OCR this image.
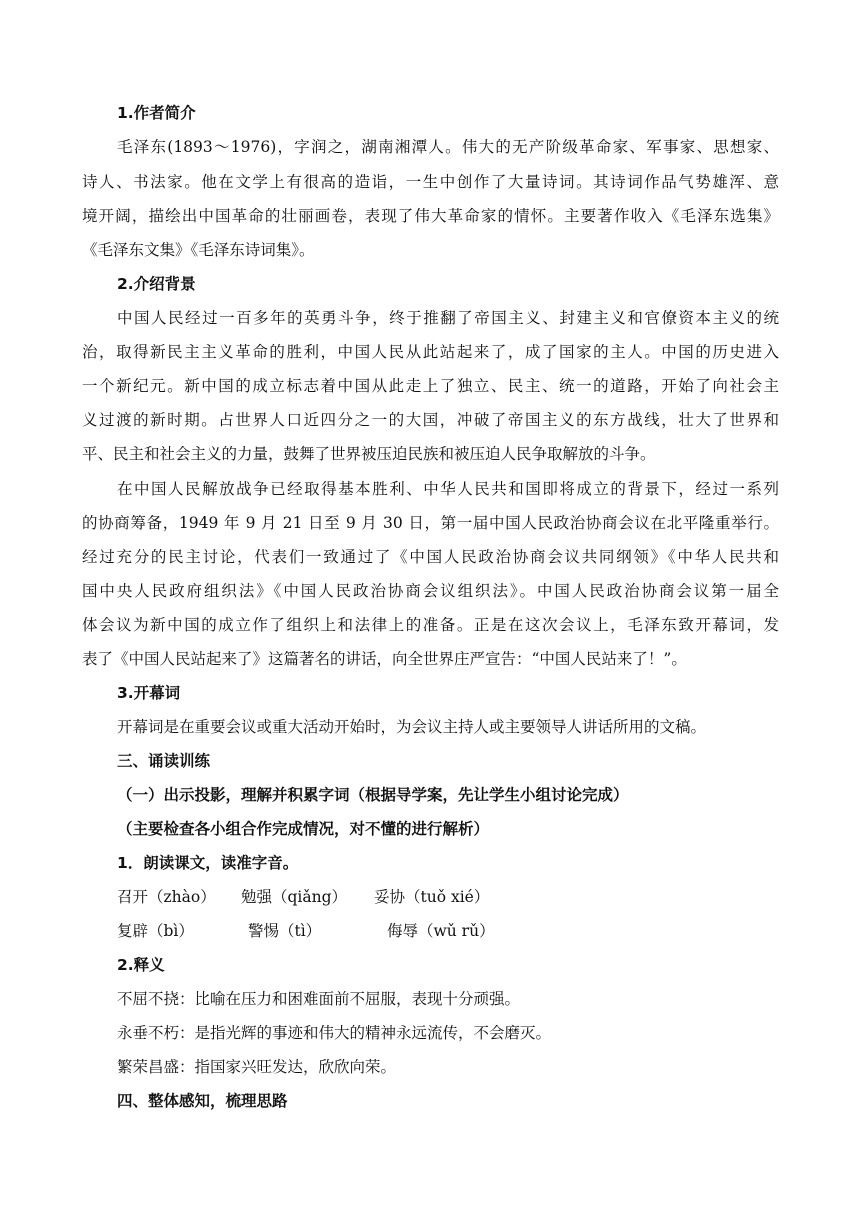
1.作者简介
毛泽东(1893～1976)，字润之，湖南湘潭人。伟大的无产阶级革命家、军事家、思想家、
诗人、书法家。他在文学上有很高的造诣，一生中创作了大量诗词。其诗词作品气势雄浑、意
境开阔，描绘出中国革命的壮丽画卷，表现了伟大革命家的情怀。主要著作收入《毛泽东选集》
《毛泽东文集》《毛泽东诗词集》。
2.介绍背景
中国人民经过一百多年的英勇斗争，终于推翻了帝国主义、封建主义和官僚资本主义的统
治，取得新民主主义革命的胜利，中国人民从此站起来了，成了国家的主人。中国的历史进入
一个新纪元。新中国的成立标志着中国从此走上了独立、民主、统一的道路，开始了向社会主
义过渡的新时期。占世界人口近四分之一的大国，冲破了帝国主义的东方战线，壮大了世界和
平、民主和社会主义的力量，鼓舞了世界被压迫民族和被压迫人民争取解放的斗争。
在中国人民解放战争已经取得基本胜利、中华人民共和国即将成立的背景下，经过一系列
的协商筹备，1949 年 9 月 21 日至 9 月 30 日，第一届中国人民政治协商会议在北平隆重举行。
经过充分的民主讨论，代表们一致通过了《中国人民政治协商会议共同纲领》《中华人民共和
国中央人民政府组织法》《中国人民政治协商会议组织法》。中国人民政治协商会议第一届全
体会议为新中国的成立作了组织上和法律上的准备。正是在这次会议上，毛泽东致开幕词，发
表了《中国人民站起来了》这篇著名的讲话，向全世界庄严宣告：“中国人民站来了！”。
3.开幕词
开幕词是在重要会议或重大活动开始时，为会议主持人或主要领导人讲话所用的文稿。
三、诵读训练
（一）出示投影，理解并积累字词（根据导学案，先让学生小组讨论完成）
（主要检查各小组合作完成情况，对不懂的进行解析）
1．朗读课文，读准字音。
召开（zhào） 勉强（qiǎng） 妥协（tuǒ xié）
复辟（bì）	警惕（tì）	侮辱（wǔ rǔ）
2.释义
不屈不挠：比喻在压力和困难面前不屈服，表现十分顽强。
永垂不朽：是指光辉的事迹和伟大的精神永远流传，不会磨灭。
繁荣昌盛：指国家兴旺发达，欣欣向荣。
四、整体感知，梳理思路
